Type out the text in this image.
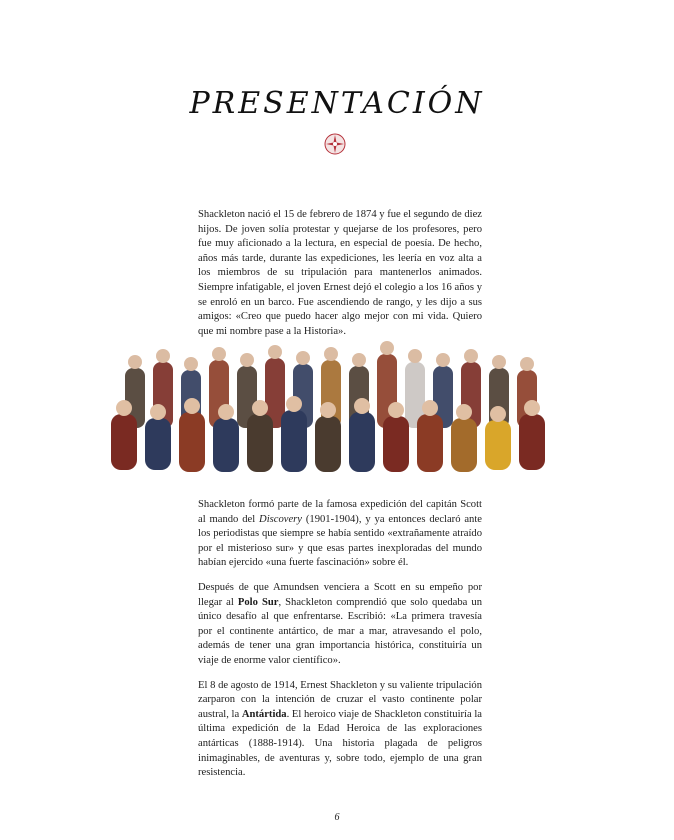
PRESENTACIÓN

Shackleton nació el 15 de febrero de 1874 y fue el segundo de diez hijos. De joven solía protestar y quejarse de los profesores, pero fue muy aficionado a la lectura, en especial de poesía. De hecho, años más tarde, durante las expediciones, les leería en voz alta a los miembros de su tripulación para mantenerlos animados. Siempre infatigable, el joven Ernest dejó el colegio a los 16 años y se enroló en un barco. Fue ascendiendo de rango, y les dijo a sus amigos: «Creo que puedo hacer algo mejor con mi vida. Quiero que mi nombre pase a la Historia».

Shackleton formó parte de la famosa expedición del capitán Scott al mando del Discovery (1901-1904), y ya entonces declaró ante los periodistas que siempre se había sentido «extrañamente atraído por el misterioso sur» y que esas partes inexploradas del mundo habían ejercido «una fuerte fascinación» sobre él.

Después de que Amundsen venciera a Scott en su empeño por llegar al Polo Sur, Shackleton comprendió que solo quedaba un único desafío al que enfrentarse. Escribió: «La primera travesía por el continente antártico, de mar a mar, atravesando el polo, además de tener una gran importancia histórica, constituiría un viaje de enorme valor científico».

El 8 de agosto de 1914, Ernest Shackleton y su valiente tripulación zarparon con la intención de cruzar el vasto continente polar austral, la Antártida. El heroico viaje de Shackleton constituiría la última expedición de la Edad Heroica de las exploraciones antárticas (1888-1914). Una historia plagada de peligros inimaginables, de aventuras y, sobre todo, ejemplo de una gran resistencia.

6
